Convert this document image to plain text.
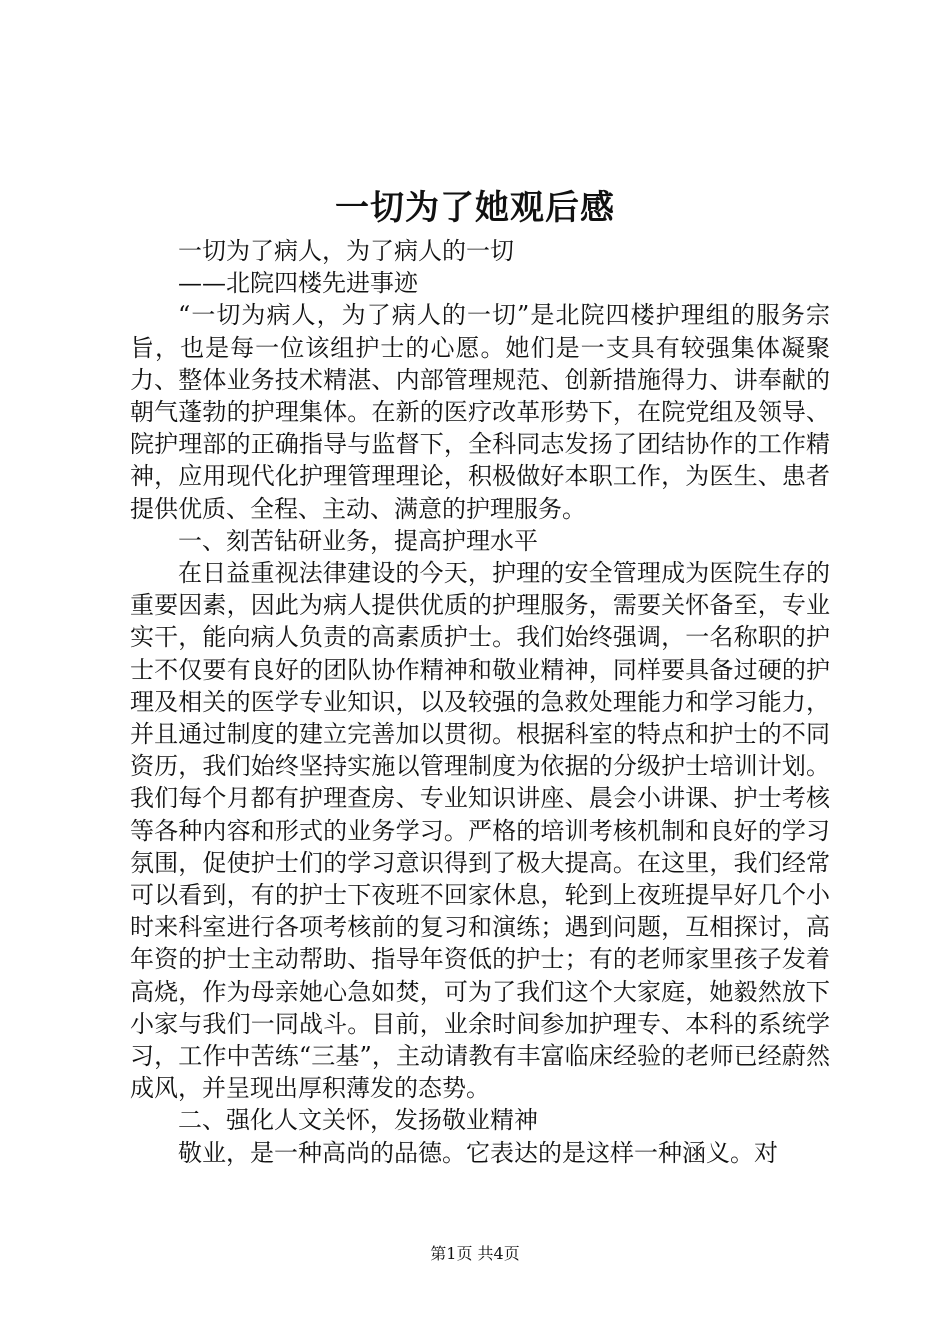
一切为了她观后感

一切为了病人，为了病人的一切

——北院四楼先进事迹

“一切为病人，为了病人的一切”是北院四楼护理组的服务宗旨，也是每一位该组护士的心愿。她们是一支具有较强集体凝聚力、整体业务技术精湛、内部管理规范、创新措施得力、讲奉献的朝气蓬勃的护理集体。在新的医疗改革形势下，在院党组及领导、院护理部的正确指导与监督下，全科同志发扬了团结协作的工作精神，应用现代化护理管理理论，积极做好本职工作，为医生、患者提供优质、全程、主动、满意的护理服务。

一、刻苦钻研业务，提高护理水平

在日益重视法律建设的今天，护理的安全管理成为医院生存的重要因素，因此为病人提供优质的护理服务，需要关怀备至，专业实干，能向病人负责的高素质护士。我们始终强调，一名称职的护士不仅要有良好的团队协作精神和敬业精神，同样要具备过硬的护理及相关的医学专业知识，以及较强的急救处理能力和学习能力，并且通过制度的建立完善加以贯彻。根据科室的特点和护士的不同资历，我们始终坚持实施以管理制度为依据的分级护士培训计划。我们每个月都有护理查房、专业知识讲座、晨会小讲课、护士考核等各种内容和形式的业务学习。严格的培训考核机制和良好的学习氛围，促使护士们的学习意识得到了极大提高。在这里，我们经常可以看到，有的护士下夜班不回家休息，轮到上夜班提早好几个小时来科室进行各项考核前的复习和演练；遇到问题，互相探讨，高年资的护士主动帮助、指导年资低的护士；有的老师家里孩子发着高烧，作为母亲她心急如焚，可为了我们这个大家庭，她毅然放下小家与我们一同战斗。目前，业余时间参加护理专、本科的系统学习，工作中苦练“三基”，主动请教有丰富临床经验的老师已经蔚然成风，并呈现出厚积薄发的态势。

二、强化人文关怀，发扬敬业精神

敬业，是一种高尚的品德。它表达的是这样一种涵义。对

第1页 共4页
